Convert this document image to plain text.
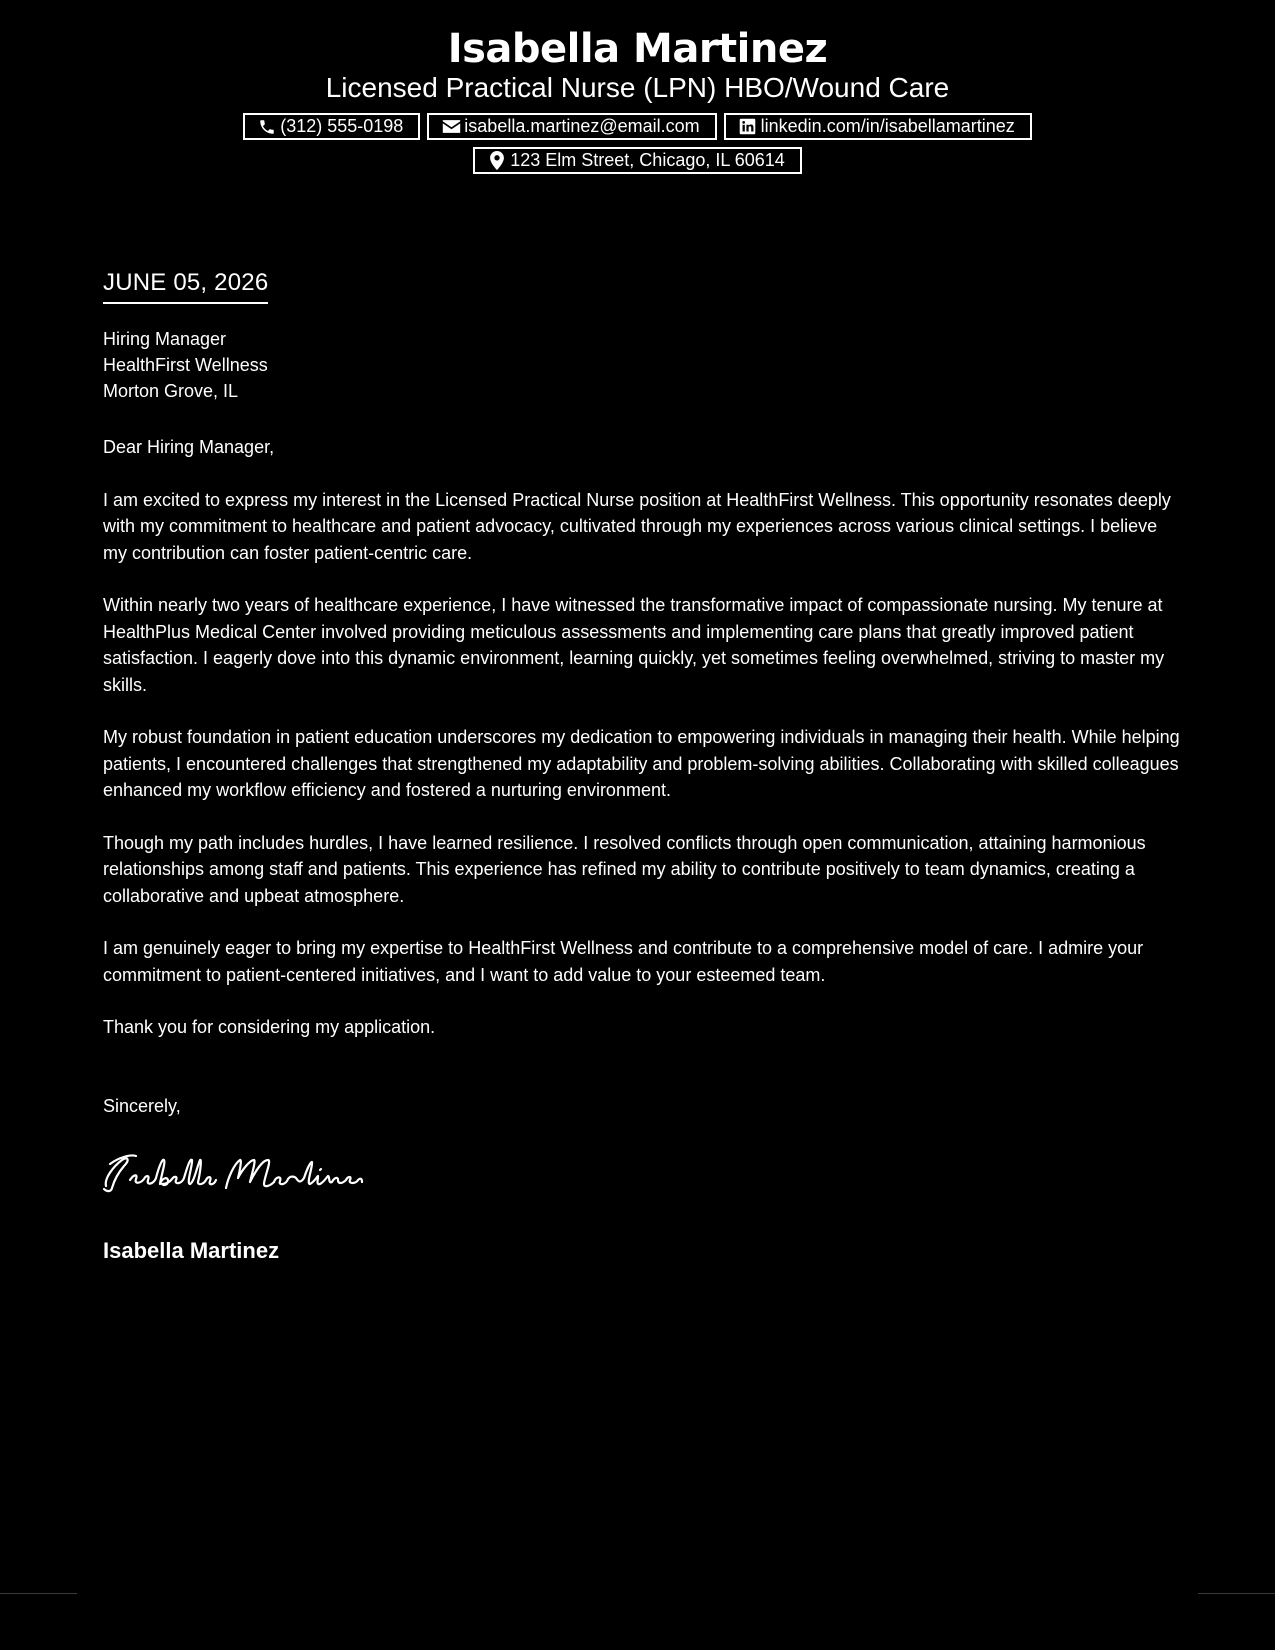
Isabella Martinez
Licensed Practical Nurse (LPN) HBO/Wound Care
(312) 555-0198	isabella.martinez@email.com	linkedin.com/in/isabellamartinez
123 Elm Street, Chicago, IL 60614
JUNE 05, 2026
Hiring Manager
HealthFirst Wellness
Morton Grove, IL

Dear Hiring Manager,

I am excited to express my interest in the Licensed Practical Nurse position at HealthFirst Wellness. This opportunity resonates deeply with my commitment to healthcare and patient advocacy, cultivated through my experiences across various clinical settings. I believe my contribution can foster patient-centric care.

Within nearly two years of healthcare experience, I have witnessed the transformative impact of compassionate nursing. My tenure at HealthPlus Medical Center involved providing meticulous assessments and implementing care plans that greatly improved patient satisfaction. I eagerly dove into this dynamic environment, learning quickly, yet sometimes feeling overwhelmed, striving to master my skills.

My robust foundation in patient education underscores my dedication to empowering individuals in managing their health. While helping patients, I encountered challenges that strengthened my adaptability and problem-solving abilities. Collaborating with skilled colleagues enhanced my workflow efficiency and fostered a nurturing environment.

Though my path includes hurdles, I have learned resilience. I resolved conflicts through open communication, attaining harmonious relationships among staff and patients. This experience has refined my ability to contribute positively to team dynamics, creating a collaborative and upbeat atmosphere.

I am genuinely eager to bring my expertise to HealthFirst Wellness and contribute to a comprehensive model of care. I admire your commitment to patient-centered initiatives, and I want to add value to your esteemed team.

Thank you for considering my application.

Sincerely,
Isabella Martinez
